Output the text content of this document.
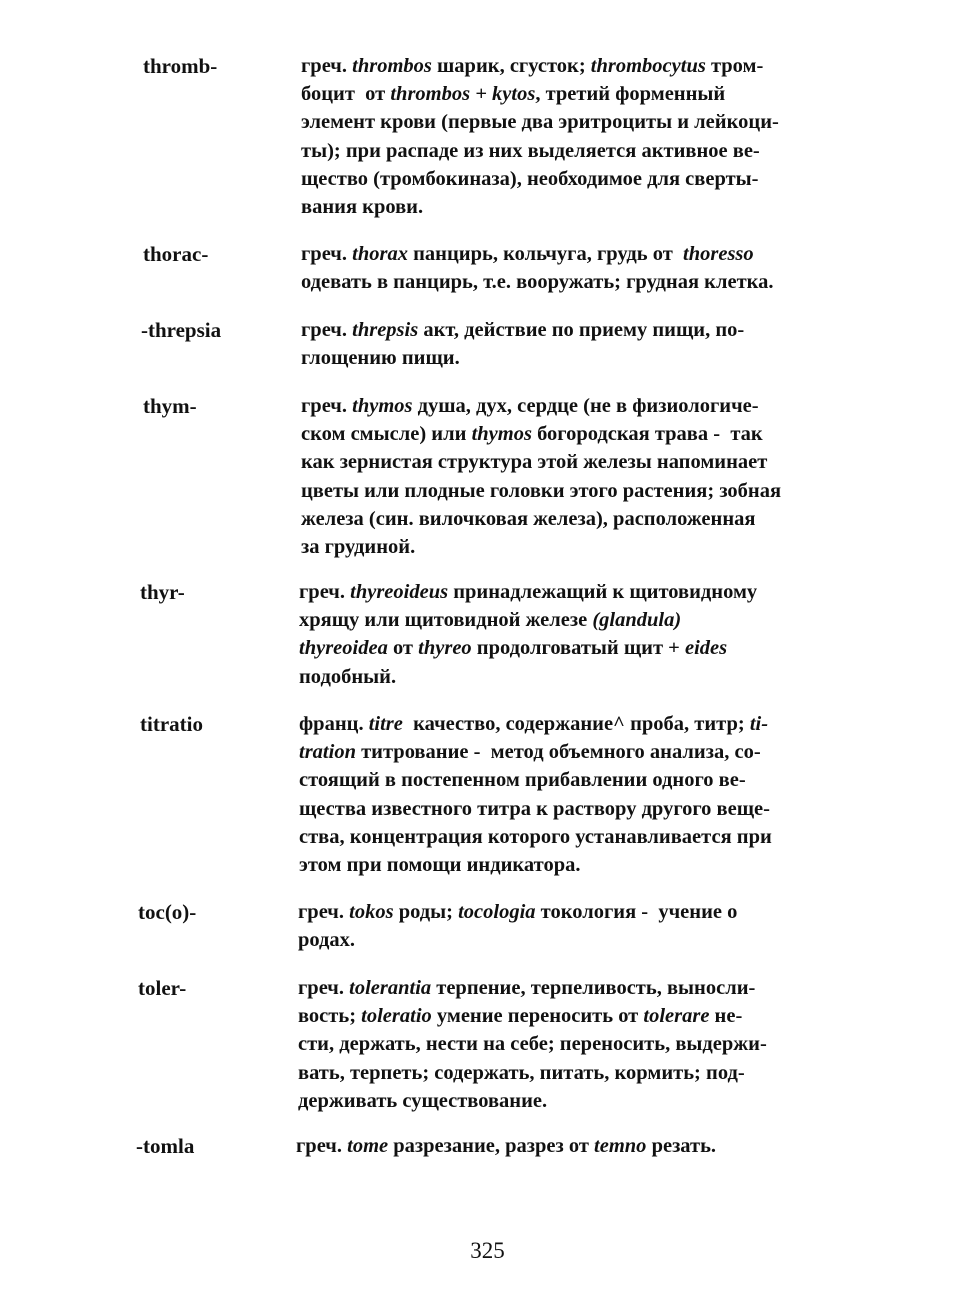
thromb-	греч. thrombos шарик, сгусток; thrombocytus тром-
боцит  от thrombos + kytos, третий форменный
элемент крови (первые два эритроциты и лейкоци-
ты); при распаде из них выделяется активное ве-
щество (тромбокиназа), необходимое для сверты-
вания крови.
thorac-	греч. thorax панцирь, кольчуга, грудь от  thoresso
одевать в панцирь, т.е. вооружать; грудная клетка.
-threpsia	греч. threpsis акт, действие по приему пищи, по-
глощению пищи.
thym-	греч. thymos душа, дух, сердце (не в физиологиче-
ском смысле) или thymos богородская трава -  так
как зернистая структура этой железы напоминает
цветы или плодные головки этого растения; зобная
железа (син. вилочковая железа), расположенная
за грудиной.
thyr-	греч. thyreoideus принадлежащий к щитовидному
хрящу или щитовидной железе (glandula)
thyreoidea от thyreo продолговатый щит + eides
подобный.
titratio	франц. titre  качество, содержание^ проба, титр; ti-
tration титрование -  метод объемного анализа, со-
стоящий в постепенном прибавлении одного ве-
щества известного титра к раствору другого веще-
ства, концентрация которого устанавливается при
этом при помощи индикатора.
toc(o)-	греч. tokos роды; tocologia токология -  учение о
родах.
toler-	греч. tolerantia терпение, терпеливость, выносли-
вость; toleratio умение переносить от tolerare не-
сти, держать, нести на себе; переносить, выдержи-
вать, терпеть; содержать, питать, кормить; под-
держивать существование.
-tomla	греч. tome разрезание, разрез от temno резать.
325
